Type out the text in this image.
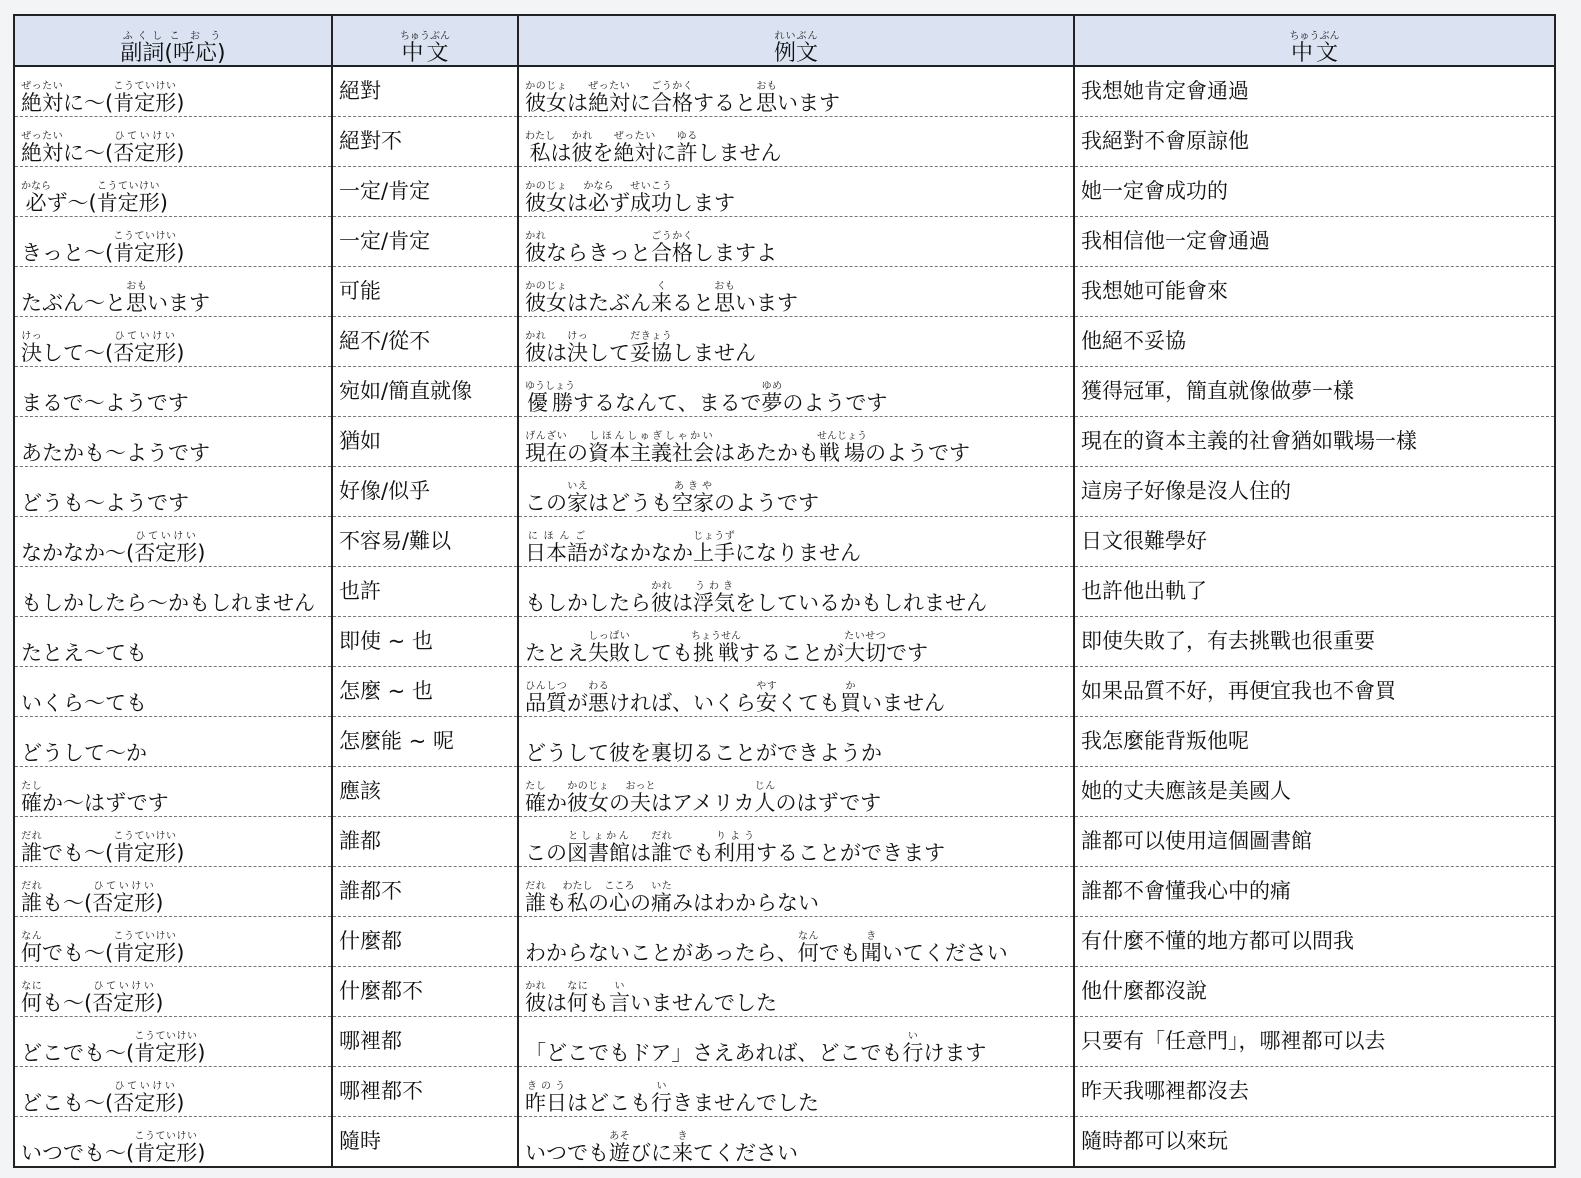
副詞ふくし(呼応)こおう	中文ちゅうぶん	例文れいぶん	中文ちゅうぶん
絶対ぜったいに～(肯定形こうていけい)	絕對	彼女かのじょは絶対ぜったいに合格ごうかくすると思おもいます	我想她肯定會通過
絶対ぜったいに～(否定形ひていけい)	絕對不	私わたしは彼かれを絶対ぜったいに許ゆるしません	我絕對不會原諒他
必かならず～(肯定形こうていけい)	一定/肯定	彼女かのじょは必かならず成功せいこうします	她一定會成功的
きっと～(肯定形こうていけい)	一定/肯定	彼かれならきっと合格ごうかくしますよ	我相信他一定會通過
たぶん～と思おもいます	可能	彼女かのじょはたぶん来くると思おもいます	我想她可能會來
決けっして～(否定形ひていけい)	絕不/從不	彼かれは決けっして妥協だきょうしません	他絕不妥協
まるで～ようです	宛如/簡直就像	優勝ゆうしょうするなんて、まるで夢ゆめのようです	獲得冠軍，簡直就像做夢一樣
あたかも～ようです	猶如	現在げんざいの資本主義社会しほんしゅぎしゃかいはあたかも戦場せんじょうのようです	現在的資本主義的社會猶如戰場一樣
どうも～ようです	好像/似乎	この家いえはどうも空家あきやのようです	這房子好像是沒人住的
なかなか～(否定形ひていけい)	不容易/難以	日本語にほんごがなかなか上手じょうずになりません	日文很難學好
もしかしたら～かもしれません	也許	もしかしたら彼かれは浮気うわきをしているかもしれません	也許他出軌了
たとえ～ても	即使 ~ 也	たとえ失敗しっぱいしても挑戦ちょうせんすることが大切たいせつです	即使失敗了，有去挑戰也很重要
いくら～ても	怎麼 ~ 也	品質ひんしつが悪わるければ、いくら安やすくても買かいません	如果品質不好，再便宜我也不會買
どうして～か	怎麼能 ~ 呢	どうして彼を裏切ることができようか	我怎麼能背叛他呢
確たしか～はずです	應該	確たしか彼女かのじょの夫おっとはアメリカ人じんのはずです	她的丈夫應該是美國人
誰だれでも～(肯定形こうていけい)	誰都	この図書館としょかんは誰だれでも利用りようすることができます	誰都可以使用這個圖書館
誰だれも～(否定形ひていけい)	誰都不	誰だれも私わたしの心こころの痛いたみはわからない	誰都不會懂我心中的痛
何なんでも～(肯定形こうていけい)	什麼都	わからないことがあったら、何なんでも聞きいてください	有什麼不懂的地方都可以問我
何なにも～(否定形ひていけい)	什麼都不	彼かれは何なにも言いいませんでした	他什麼都沒說
どこでも～(肯定形こうていけい)	哪裡都	「どこでもドア」さえあれば、どこでも行いけます	只要有「任意門」，哪裡都可以去
どこも～(否定形ひていけい)	哪裡都不	昨日きのうはどこも行いきませんでした	昨天我哪裡都沒去
いつでも～(肯定形こうていけい)	隨時	いつでも遊あそびに来きてください	隨時都可以來玩
